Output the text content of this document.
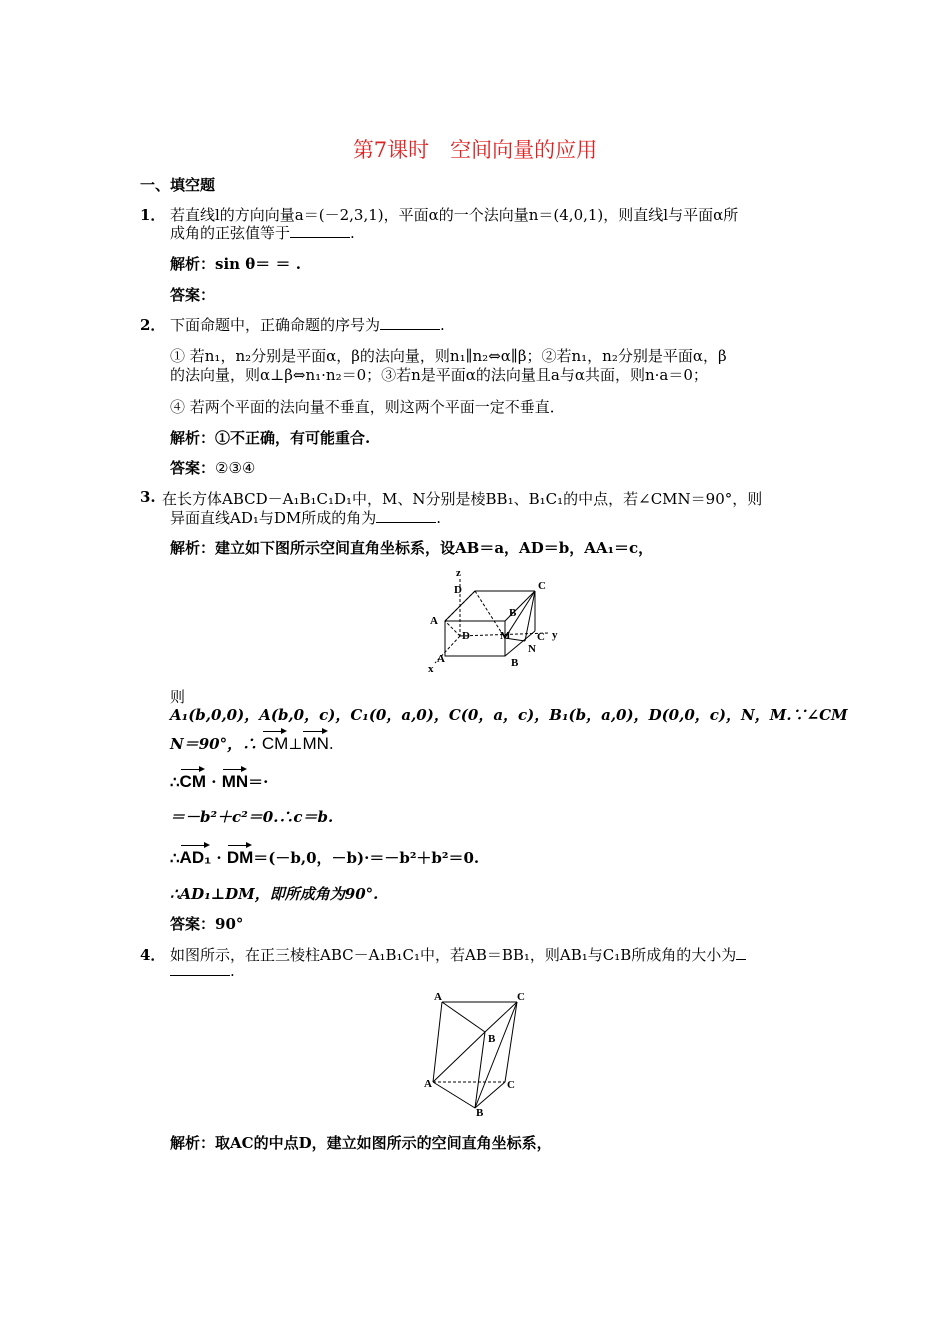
第7课时　空间向量的应用
一、填空题
1． 若直线l的方向向量a＝(－2,3,1)，平面α的一个法向量n＝(4,0,1)，则直线l与平面α所
成角的正弦值等于	.
解析：sin θ＝ ＝ .
答案：
2． 下面命题中，正确命题的序号为	.
① 若n₁，n₂分别是平面α，β的法向量，则n₁∥n₂⇔α∥β；②若n₁，n₂分别是平面α，β
的法向量，则α⊥β⇔n₁·n₂＝0；③若n是平面α的法向量且a与α共面，则n·a＝0；
④ 若两个平面的法向量不垂直，则这两个平面一定不垂直．
解析：①不正确，有可能重合.
答案：②③④
3. 在长方体ABCD－A₁B₁C₁D₁中，M、N分别是棱BB₁、B₁C₁的中点，若∠CMN＝90°，则
异面直线AD₁与DM所成的角为	.
解析：建立如下图所示空间直角坐标系，设AB＝a，AD＝b，AA₁＝c，
z
D	C
B
A
D	M C y
N
A
x	B
则
A₁(b,0,0)，A(b,0，c)，C₁(0，a,0)，C(0，a，c)，B₁(b，a,0)，D(0,0，c)，N，M.∵∠CM
N＝90°，∴ CM⊥MN.
∴CM · MN＝·
＝－b²＋c²＝0.∴c＝b.
∴AD₁ · DM＝(－b,0，－b)·＝－b²＋b²＝0.
∴AD₁⊥DM，即所成角为90°.
答案：90°
4． 如图所示，在正三棱柱ABC－A₁B₁C₁中，若AB＝BB₁，则AB₁与C₁B所成角的大小为
.
A	C
B
A	C
B
解析：取AC的中点D，建立如图所示的空间直角坐标系，
